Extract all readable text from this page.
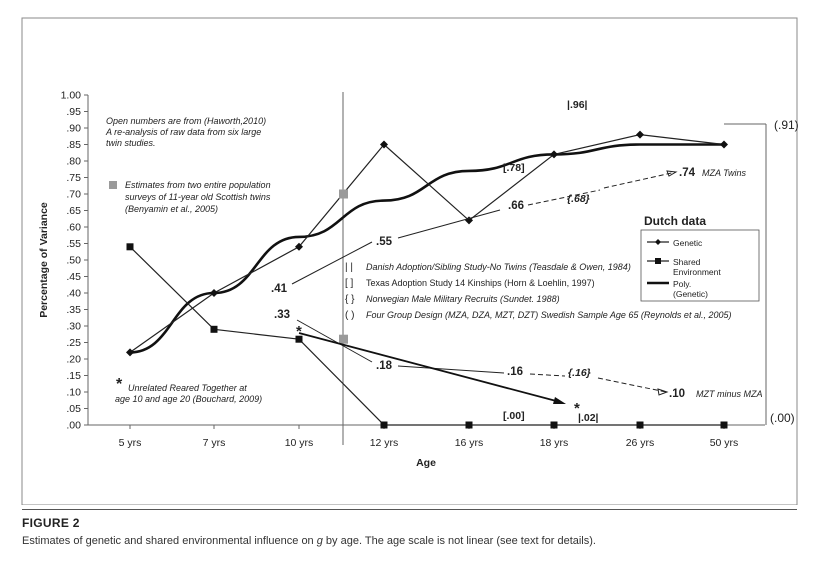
.00
.05
.10
.15
.20
.25
.30
.35
.40
.45
.50
.55
.60
.65
.70
.75
.80
.85
.90
.95
1.00
5 yrs	7 yrs	10 yrs	12 yrs	16 yrs	18 yrs	26 yrs	50 yrs
Age
Percentage of Variance
Open numbers are from (Haworth,2010)
A re-analysis of raw data from six large
twin studies.
Estimates from two entire population
surveys of 11-year old Scottish twins
(Benyamin et al., 2005)
* Unrelated Reared Together at
age 10 and age 20 (Bouchard, 2009)
Dutch data
Genetic
Shared
Environment
Poly.
(Genetic)
| | Danish Adoption/Sibling Study-No Twins (Teasdale & Owen, 1984)
[ ] Texas Adoption Study 14 Kinships (Horn & Loehlin, 1997)
{ } Norwegian Male Military Recruits (Sundet. 1988)
( ) Four Group Design (MZA, DZA, MZT, DZT) Swedish Sample Age 65 (Reynolds et al., 2005)
.41
.55
.66
.74 MZA Twins
.33
.18	.16
.10 MZT minus MZA
*
*
|.96|
[.78]
{.68}
{.16}
[.00]	|.02|
(.91)
(.00)
FIGURE 2
Estimates of genetic and shared environmental influence on g by age. The age scale is not linear (see text for details).
